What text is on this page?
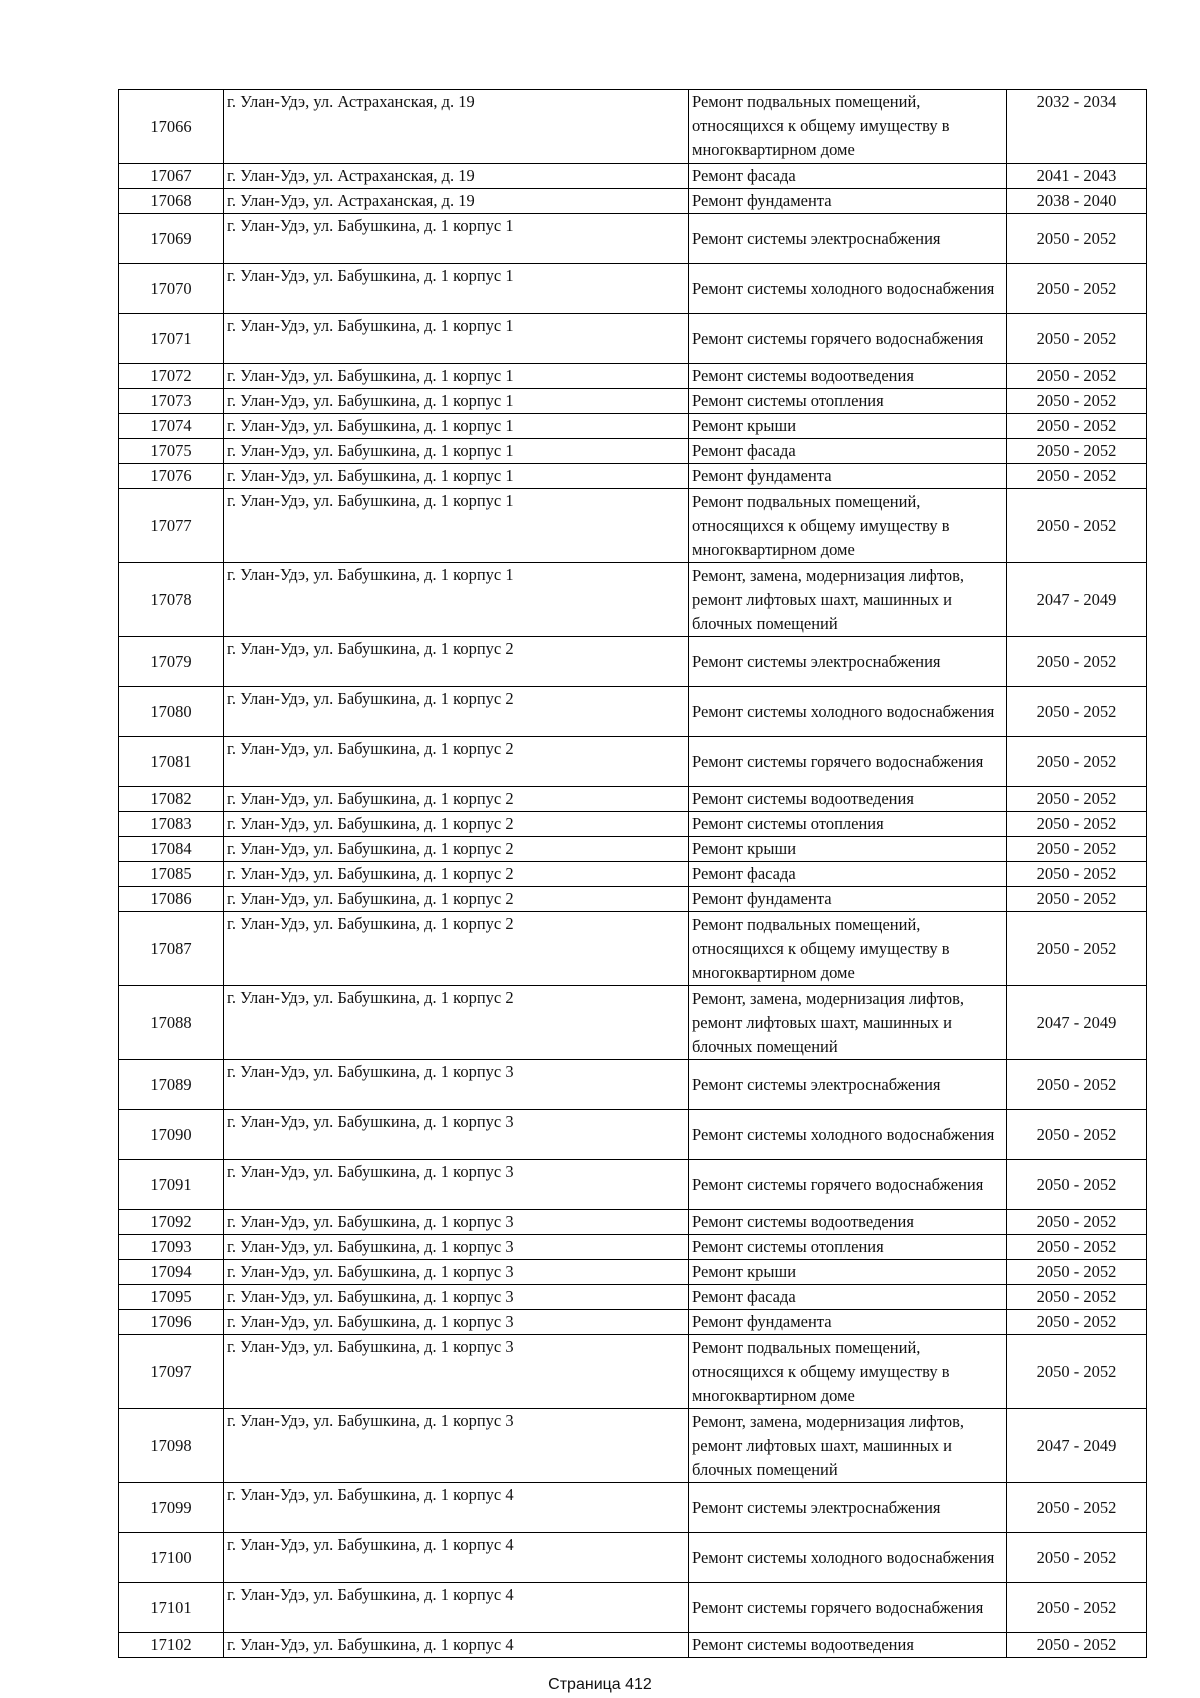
17066	г. Улан-Удэ, ул. Астраханская, д. 19	Ремонт подвальных помещений, относящихся к общему имуществу в многоквартирном доме	2032 - 2034
17067	г. Улан-Удэ, ул. Астраханская, д. 19	Ремонт фасада	2041 - 2043
17068	г. Улан-Удэ, ул. Астраханская, д. 19	Ремонт фундамента	2038 - 2040
17069	г. Улан-Удэ, ул. Бабушкина, д. 1 корпус 1	Ремонт системы электроснабжения	2050 - 2052
17070	г. Улан-Удэ, ул. Бабушкина, д. 1 корпус 1	Ремонт системы холодного водоснабжения	2050 - 2052
17071	г. Улан-Удэ, ул. Бабушкина, д. 1 корпус 1	Ремонт системы горячего водоснабжения	2050 - 2052
17072	г. Улан-Удэ, ул. Бабушкина, д. 1 корпус 1	Ремонт системы водоотведения	2050 - 2052
17073	г. Улан-Удэ, ул. Бабушкина, д. 1 корпус 1	Ремонт системы отопления	2050 - 2052
17074	г. Улан-Удэ, ул. Бабушкина, д. 1 корпус 1	Ремонт крыши	2050 - 2052
17075	г. Улан-Удэ, ул. Бабушкина, д. 1 корпус 1	Ремонт фасада	2050 - 2052
17076	г. Улан-Удэ, ул. Бабушкина, д. 1 корпус 1	Ремонт фундамента	2050 - 2052
17077	г. Улан-Удэ, ул. Бабушкина, д. 1 корпус 1	Ремонт подвальных помещений, относящихся к общему имуществу в многоквартирном доме	2050 - 2052
17078	г. Улан-Удэ, ул. Бабушкина, д. 1 корпус 1	Ремонт, замена, модернизация лифтов, ремонт лифтовых шахт, машинных и блочных помещений	2047 - 2049
17079	г. Улан-Удэ, ул. Бабушкина, д. 1 корпус 2	Ремонт системы электроснабжения	2050 - 2052
17080	г. Улан-Удэ, ул. Бабушкина, д. 1 корпус 2	Ремонт системы холодного водоснабжения	2050 - 2052
17081	г. Улан-Удэ, ул. Бабушкина, д. 1 корпус 2	Ремонт системы горячего водоснабжения	2050 - 2052
17082	г. Улан-Удэ, ул. Бабушкина, д. 1 корпус 2	Ремонт системы водоотведения	2050 - 2052
17083	г. Улан-Удэ, ул. Бабушкина, д. 1 корпус 2	Ремонт системы отопления	2050 - 2052
17084	г. Улан-Удэ, ул. Бабушкина, д. 1 корпус 2	Ремонт крыши	2050 - 2052
17085	г. Улан-Удэ, ул. Бабушкина, д. 1 корпус 2	Ремонт фасада	2050 - 2052
17086	г. Улан-Удэ, ул. Бабушкина, д. 1 корпус 2	Ремонт фундамента	2050 - 2052
17087	г. Улан-Удэ, ул. Бабушкина, д. 1 корпус 2	Ремонт подвальных помещений, относящихся к общему имуществу в многоквартирном доме	2050 - 2052
17088	г. Улан-Удэ, ул. Бабушкина, д. 1 корпус 2	Ремонт, замена, модернизация лифтов, ремонт лифтовых шахт, машинных и блочных помещений	2047 - 2049
17089	г. Улан-Удэ, ул. Бабушкина, д. 1 корпус 3	Ремонт системы электроснабжения	2050 - 2052
17090	г. Улан-Удэ, ул. Бабушкина, д. 1 корпус 3	Ремонт системы холодного водоснабжения	2050 - 2052
17091	г. Улан-Удэ, ул. Бабушкина, д. 1 корпус 3	Ремонт системы горячего водоснабжения	2050 - 2052
17092	г. Улан-Удэ, ул. Бабушкина, д. 1 корпус 3	Ремонт системы водоотведения	2050 - 2052
17093	г. Улан-Удэ, ул. Бабушкина, д. 1 корпус 3	Ремонт системы отопления	2050 - 2052
17094	г. Улан-Удэ, ул. Бабушкина, д. 1 корпус 3	Ремонт крыши	2050 - 2052
17095	г. Улан-Удэ, ул. Бабушкина, д. 1 корпус 3	Ремонт фасада	2050 - 2052
17096	г. Улан-Удэ, ул. Бабушкина, д. 1 корпус 3	Ремонт фундамента	2050 - 2052
17097	г. Улан-Удэ, ул. Бабушкина, д. 1 корпус 3	Ремонт подвальных помещений, относящихся к общему имуществу в многоквартирном доме	2050 - 2052
17098	г. Улан-Удэ, ул. Бабушкина, д. 1 корпус 3	Ремонт, замена, модернизация лифтов, ремонт лифтовых шахт, машинных и блочных помещений	2047 - 2049
17099	г. Улан-Удэ, ул. Бабушкина, д. 1 корпус 4	Ремонт системы электроснабжения	2050 - 2052
17100	г. Улан-Удэ, ул. Бабушкина, д. 1 корпус 4	Ремонт системы холодного водоснабжения	2050 - 2052
17101	г. Улан-Удэ, ул. Бабушкина, д. 1 корпус 4	Ремонт системы горячего водоснабжения	2050 - 2052
17102	г. Улан-Удэ, ул. Бабушкина, д. 1 корпус 4	Ремонт системы водоотведения	2050 - 2052
Страница 412
